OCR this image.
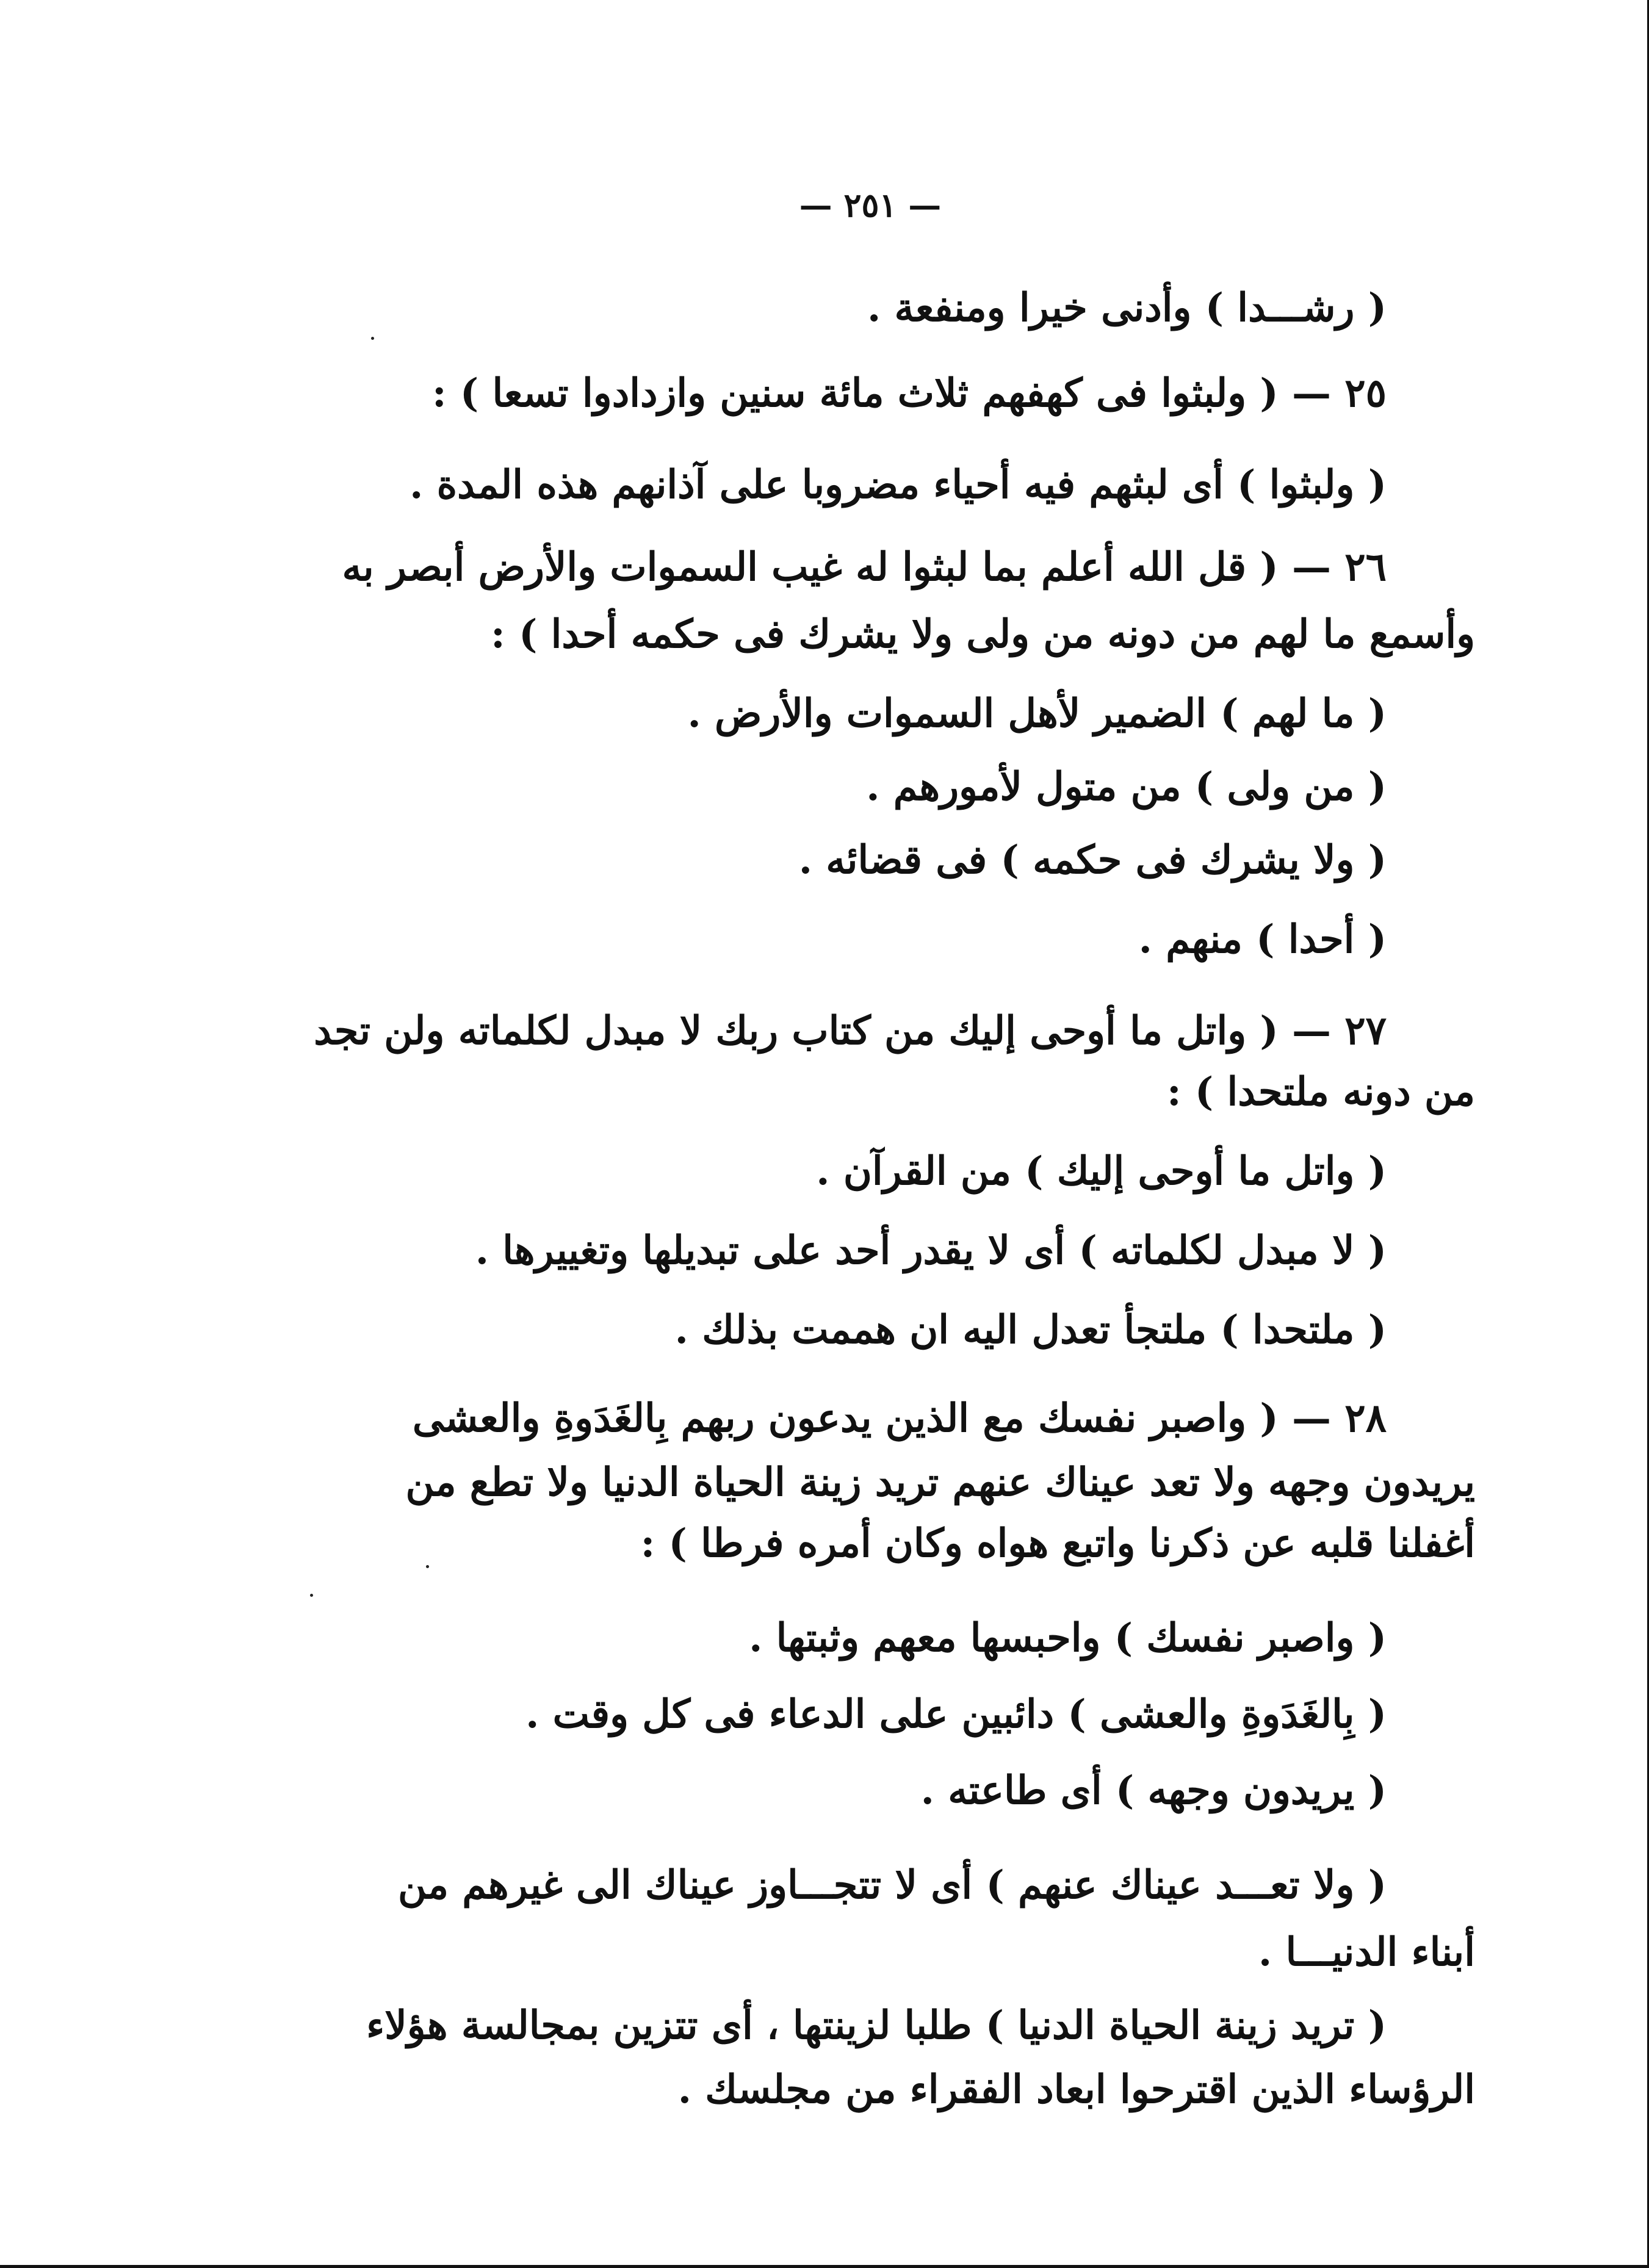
— ٢٥١ —
( رشـــدا ) وأدنى خيرا ومنفعة .
٢٥ — ( ولبثوا فى كهفهم ثلاث مائة سنين وازدادوا تسعا ) :
( ولبثوا ) أى لبثهم فيه أحياء مضروبا على آذانهم هذه المدة .
٢٦ — ( قل الله أعلم بما لبثوا له غيب السموات والأرض أبصر به
وأسمع ما لهم من دونه من ولى ولا يشرك فى حكمه أحدا ) :
( ما لهم ) الضمير لأهل السموات والأرض .
( من ولى ) من متول لأمورهم .
( ولا يشرك فى حكمه ) فى قضائه .
( أحدا ) منهم .
٢٧ — ( واتل ما أوحى إليك من كتاب ربك لا مبدل لكلماته ولن تجد
من دونه ملتحدا ) :
( واتل ما أوحى إليك ) من القرآن .
( لا مبدل لكلماته ) أى لا يقدر أحد على تبديلها وتغييرها .
( ملتحدا ) ملتجأ تعدل اليه ان هممت بذلك .
٢٨ — ( واصبر نفسك مع الذين يدعون ربهم بِالغَدَوةِ والعشى
يريدون وجهه ولا تعد عيناك عنهم تريد زينة الحياة الدنيا ولا تطع من
أغفلنا قلبه عن ذكرنا واتبع هواه وكان أمره فرطا ) :
( واصبر نفسك ) واحبسها معهم وثبتها .
( بِالغَدَوةِ والعشى ) دائبين على الدعاء فى كل وقت .
( يريدون وجهه ) أى طاعته .
( ولا تعـــد عيناك عنهم ) أى لا تتجـــاوز عيناك الى غيرهم من
أبناء الدنيـــا .
( تريد زينة الحياة الدنيا ) طلبا لزينتها ، أى تتزين بمجالسة هؤلاء
الرؤساء الذين اقترحوا ابعاد الفقراء من مجلسك .
